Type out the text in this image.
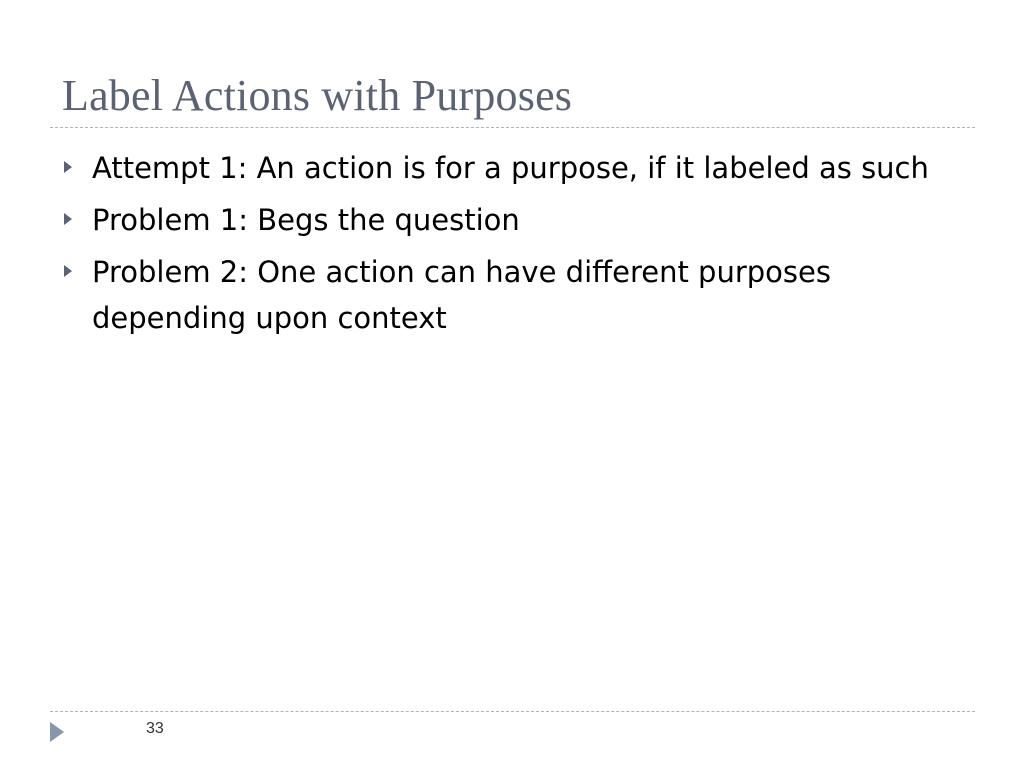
Label Actions with Purposes
Attempt 1: An action is for a purpose, if it labeled as such
Problem 1: Begs the question
Problem 2: One action can have different purposes depending upon context
33
